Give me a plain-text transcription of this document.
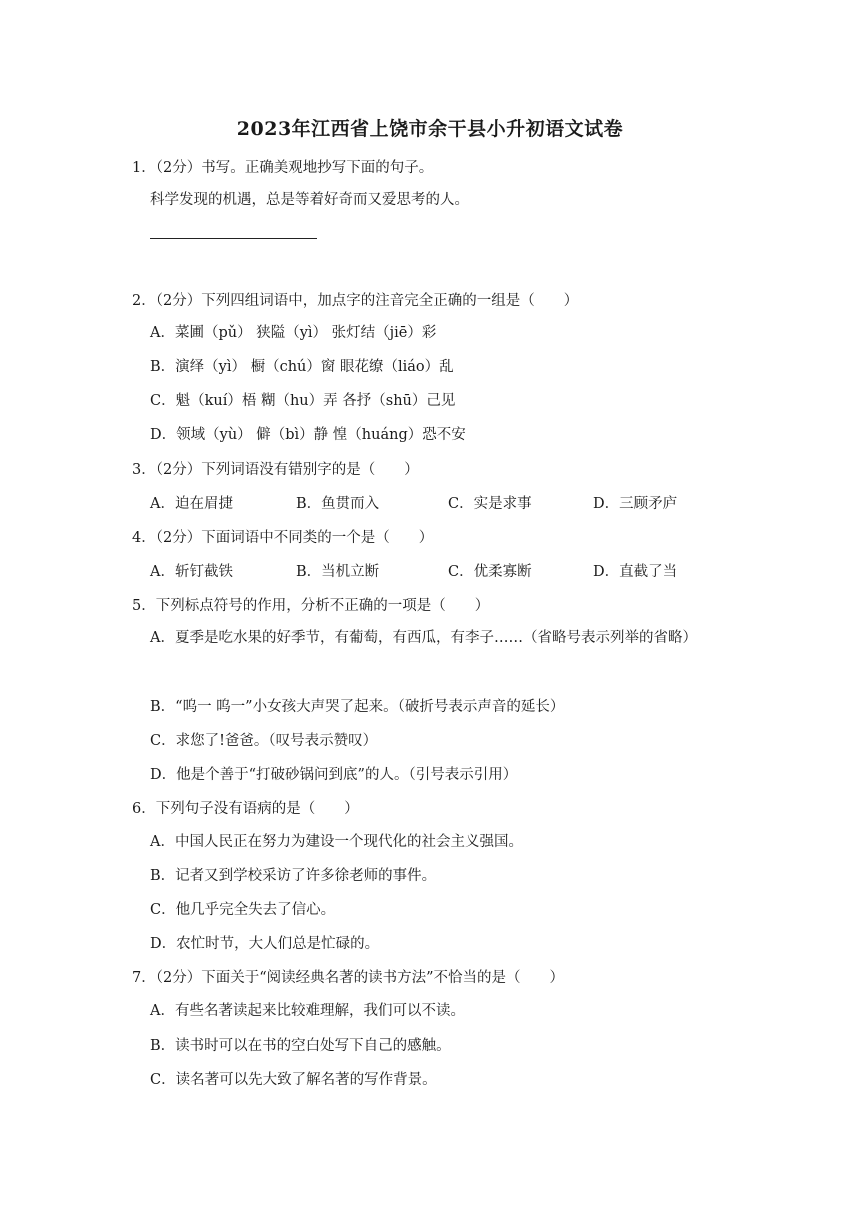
2023年江西省上饶市余干县小升初语文试卷
1．（2分）书写。正确美观地抄写下面的句子。
科学发现的机遇，总是等着好奇而又爱思考的人。
2．（2分）下列四组词语中，加点字的注音完全正确的一组是（　　）
A．菜圃（pǔ） 狭隘（yì） 张灯结（jiē）彩
B．演绎（yì） 橱（chú）窗 眼花缭（liáo）乱
C．魁（kuí）梧 糊（hu）弄 各抒（shū）己见
D．领域（yù） 僻（bì）静 惶（huáng）恐不安
3．（2分）下列词语没有错别字的是（　　）
A．迫在眉捷	B．鱼贯而入	C．实是求事	D．三顾矛庐
4．（2分）下面词语中不同类的一个是（　　）
A．斩钉截铁	B．当机立断	C．优柔寡断	D．直截了当
5．下列标点符号的作用，分析不正确的一项是（　　）
A．夏季是吃水果的好季节，有葡萄，有西瓜，有李子……（省略号表示列举的省略）
B．“呜一 呜一”小女孩大声哭了起来。（破折号表示声音的延长）
C．求您了!爸爸。（叹号表示赞叹）
D．他是个善于“打破砂锅问到底”的人。（引号表示引用）
6．下列句子没有语病的是（　　）
A．中国人民正在努力为建设一个现代化的社会主义强国。
B．记者又到学校采访了许多徐老师的事件。
C．他几乎完全失去了信心。
D．农忙时节，大人们总是忙碌的。
7．（2分）下面关于“阅读经典名著的读书方法”不恰当的是（　　）
A．有些名著读起来比较难理解，我们可以不读。
B．读书时可以在书的空白处写下自己的感触。
C．读名著可以先大致了解名著的写作背景。
